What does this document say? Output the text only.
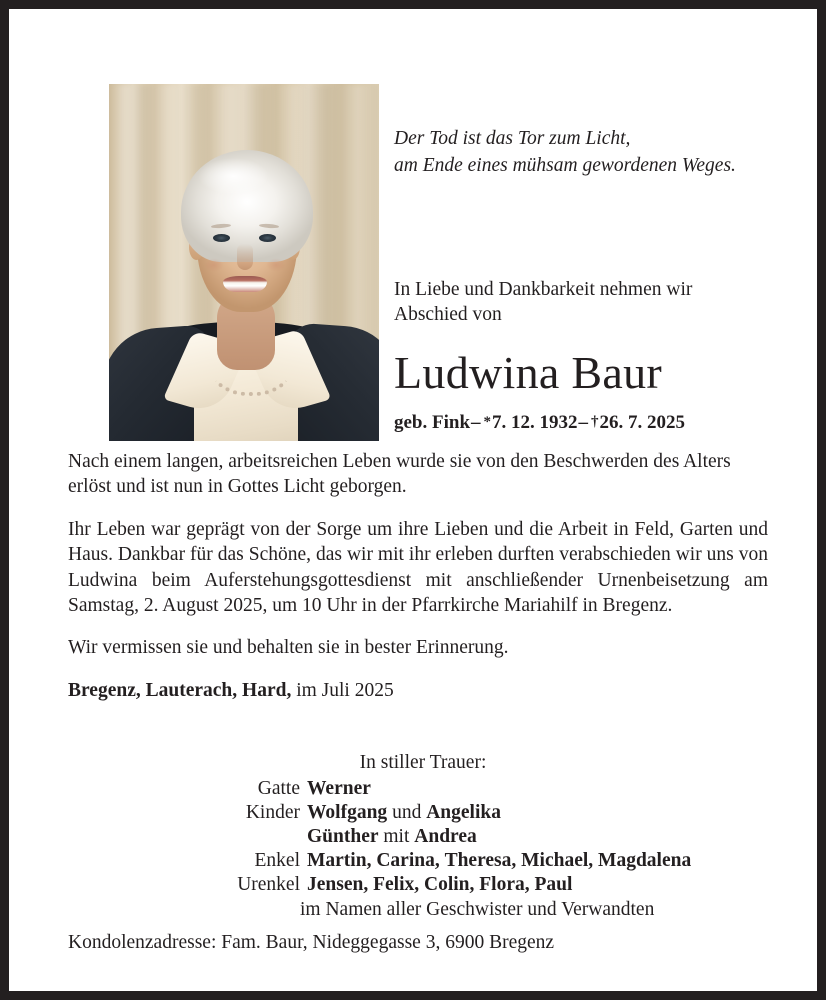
Der Tod ist das Tor zum Licht,
am Ende eines mühsam gewordenen Weges.
In Liebe und Dankbarkeit nehmen wir
Abschied von
Ludwina Baur
geb. Fink– *7. 12. 1932– †26. 7. 2025

Nach einem langen, arbeitsreichen Leben wurde sie von den Beschwerden des Alters erlöst und ist nun in Gottes Licht geborgen.

Ihr Leben war geprägt von der Sorge um ihre Lieben und die Arbeit in Feld, Garten und Haus. Dankbar für das Schöne, das wir mit ihr erleben durften verabschieden wir uns von Ludwina beim Auferstehungsgottesdienst mit anschließender Urnenbeisetzung am Samstag, 2. August 2025, um 10 Uhr in der Pfarrkirche Mariahilf in Bregenz.

Wir vermissen sie und behalten sie in bester Erinnerung.

Bregenz, Lauterach, Hard, im Juli 2025

In stiller Trauer:
Gatte Werner
Kinder Wolfgang und Angelika
Günther mit Andrea
Enkel Martin, Carina, Theresa, Michael, Magdalena
Urenkel Jensen, Felix, Colin, Flora, Paul
im Namen aller Geschwister und Verwandten
Kondolenzadresse: Fam. Baur, Nideggegasse 3, 6900 Bregenz
